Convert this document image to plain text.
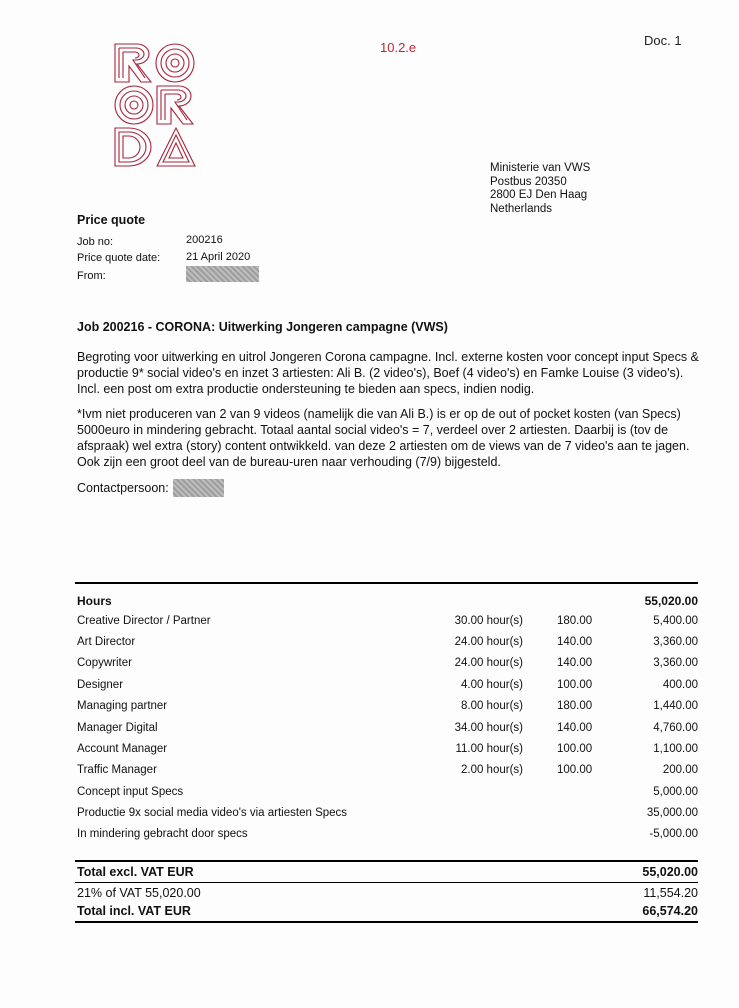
10.2.e	Doc. 1
Ministerie van VWS
Postbus 20350
2800 EJ Den Haag
Netherlands
Price quote
Job no:	200216
Price quote date: 21 April 2020
From:
Job 200216 - CORONA: Uitwerking Jongeren campagne (VWS)
Begroting voor uitwerking en uitrol Jongeren Corona campagne. Incl. externe kosten voor concept input Specs & productie 9* social video's en inzet 3 artiesten: Ali B. (2 video's), Boef (4 video's) en Famke Louise (3 video's). Incl. een post om extra productie ondersteuning te bieden aan specs, indien nodig.
*Ivm niet produceren van 2 van 9 videos (namelijk die van Ali B.) is er op de out of pocket kosten (van Specs) 5000euro in mindering gebracht. Totaal aantal social video's = 7, verdeel over 2 artiesten. Daarbij is (tov de afspraak) wel extra (story) content ontwikkeld. van deze 2 artiesten om de views van de 7 video's aan te jagen. Ook zijn een groot deel van de bureau-uren naar verhouding (7/9) bijgesteld.
Contactpersoon:
Hours	55,020.00
Creative Director / Partner	30.00 hour(s)	180.00	5,400.00
Art Director	24.00 hour(s)	140.00	3,360.00
Copywriter	24.00 hour(s)	140.00	3,360.00
Designer	4.00 hour(s)	100.00	400.00
Managing partner	8.00 hour(s)	180.00	1,440.00
Manager Digital	34.00 hour(s)	140.00	4,760.00
Account Manager	11.00 hour(s)	100.00	1,100.00
Traffic Manager	2.00 hour(s)	100.00	200.00
Concept input Specs	5,000.00
Productie 9x social media video's via artiesten Specs	35,000.00
In mindering gebracht door specs	-5,000.00
Total excl. VAT EUR	55,020.00
21% of VAT 55,020.00	11,554.20
Total incl. VAT EUR	66,574.20
